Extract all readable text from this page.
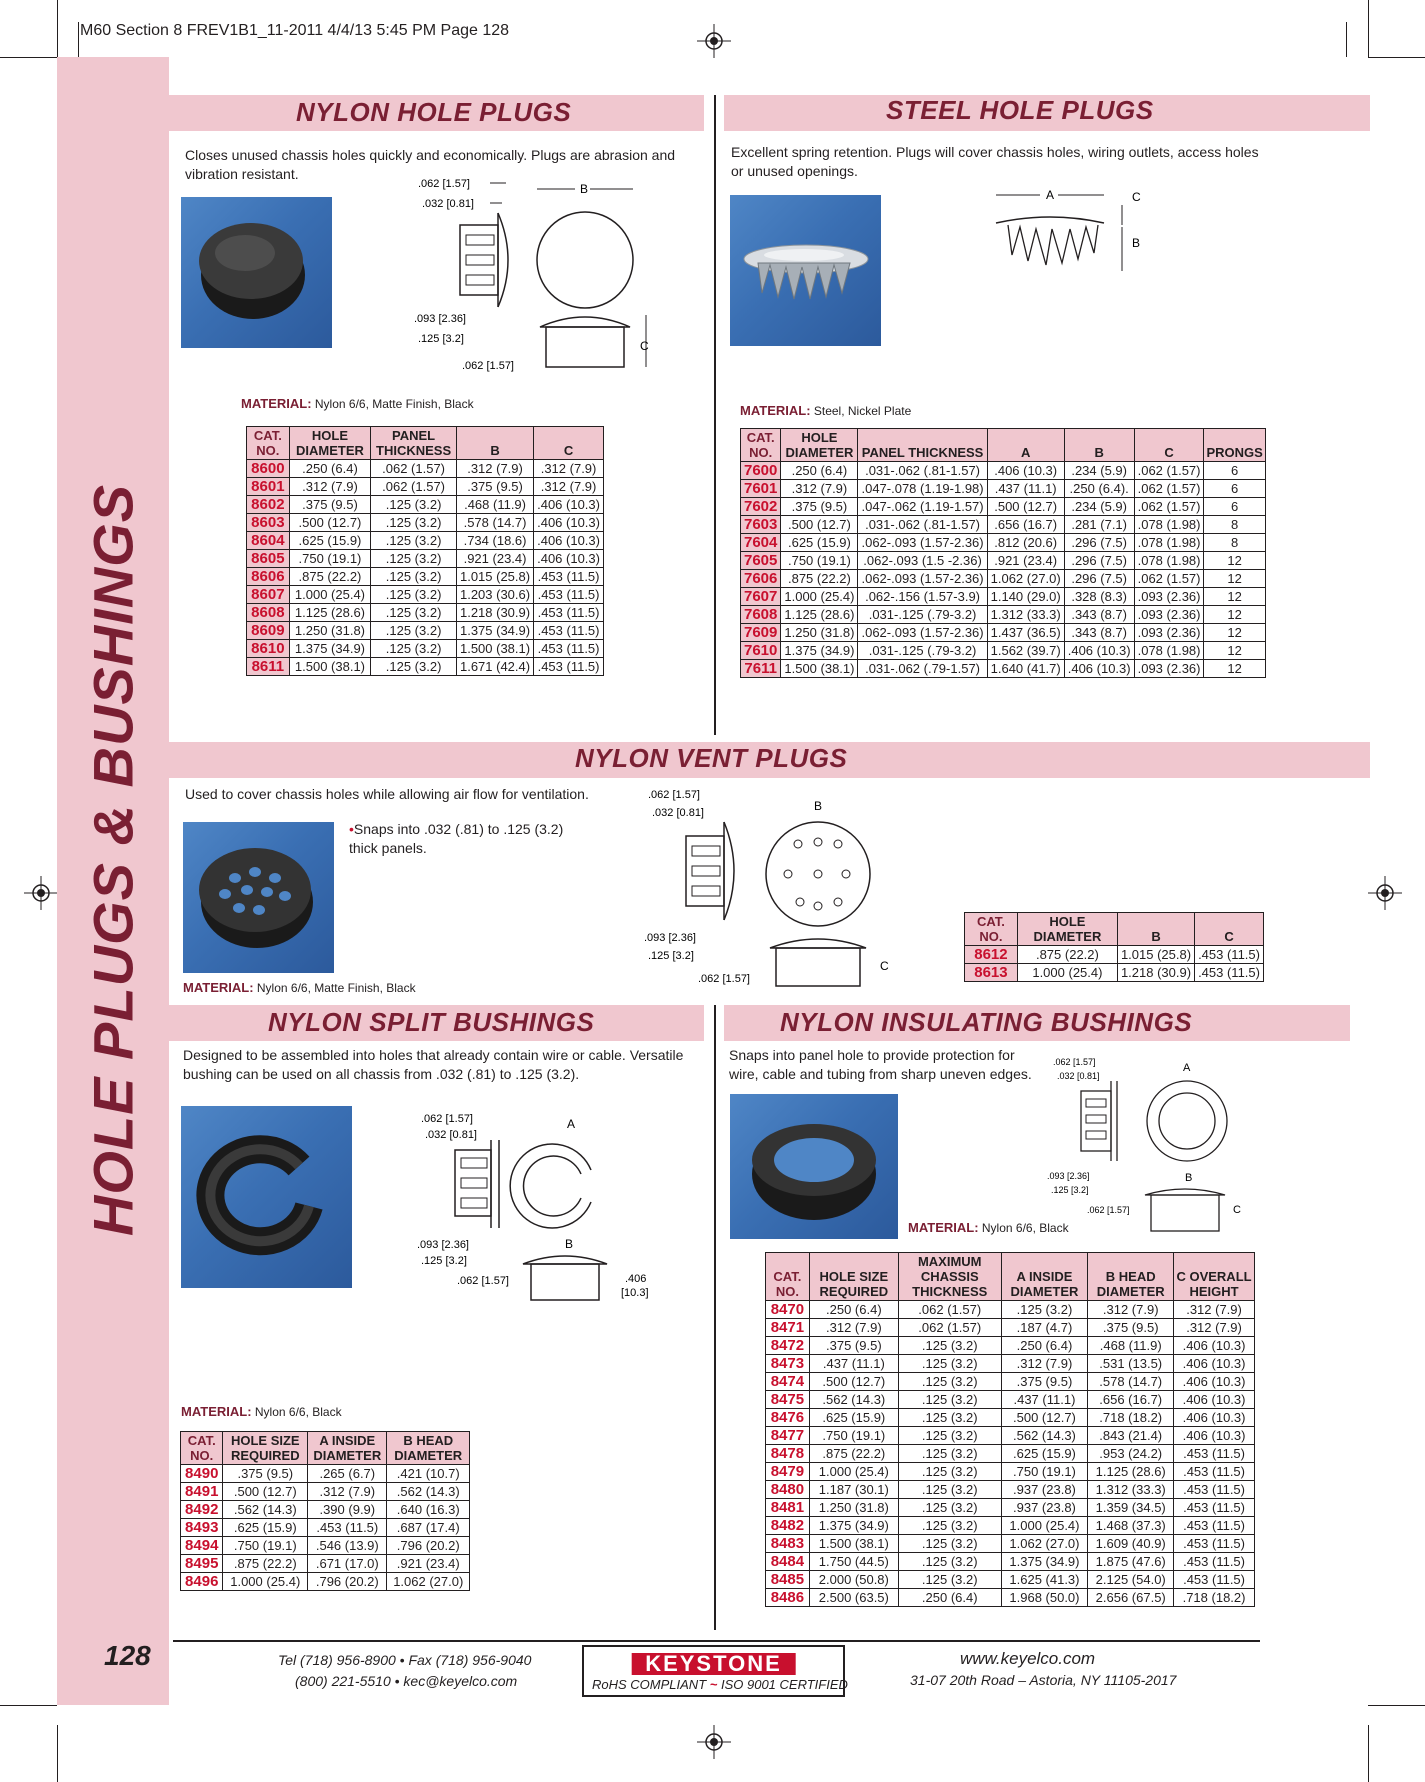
M60 Section 8 FREV1B1_11-2011 4/4/13 5:45 PM Page 128
HOLE PLUGS & BUSHINGS
NYLON HOLE PLUGS
Closes unused chassis holes quickly and economically. Plugs are abrasion and vibration resistant.
.062 [1.57]
.032 [0.81]
B
.093 [2.36]
.125 [3.2]
.062 [1.57]
C
MATERIAL: Nylon 6/6, Matte Finish, Black
CAT. NO.	HOLE DIAMETER	PANEL THICKNESS	B	C
8600	.250 (6.4)	.062 (1.57)	.312 (7.9)	.312 (7.9)
8601	.312 (7.9)	.062 (1.57)	.375 (9.5)	.312 (7.9)
8602	.375 (9.5)	.125 (3.2)	.468 (11.9)	.406 (10.3)
8603	.500 (12.7)	.125 (3.2)	.578 (14.7)	.406 (10.3)
8604	.625 (15.9)	.125 (3.2)	.734 (18.6)	.406 (10.3)
8605	.750 (19.1)	.125 (3.2)	.921 (23.4)	.406 (10.3)
8606	.875 (22.2)	.125 (3.2)	1.015 (25.8)	.453 (11.5)
8607	1.000 (25.4)	.125 (3.2)	1.203 (30.6)	.453 (11.5)
8608	1.125 (28.6)	.125 (3.2)	1.218 (30.9)	.453 (11.5)
8609	1.250 (31.8)	.125 (3.2)	1.375 (34.9)	.453 (11.5)
8610	1.375 (34.9)	.125 (3.2)	1.500 (38.1)	.453 (11.5)
8611	1.500 (38.1)	.125 (3.2)	1.671 (42.4)	.453 (11.5)
STEEL HOLE PLUGS
Excellent spring retention. Plugs will cover chassis holes, wiring outlets, access holes or unused openings.
A	C
B
MATERIAL: Steel, Nickel Plate
CAT. NO.	HOLE DIAMETER	PANEL THICKNESS	A	B	C	PRONGS
7600	.250 (6.4)	.031-.062 (.81-1.57)	.406 (10.3)	.234 (5.9)	.062 (1.57)	6
7601	.312 (7.9)	.047-.078 (1.19-1.98)	.437 (11.1)	.250 (6.4).	.062 (1.57)	6
7602	.375 (9.5)	.047-.062 (1.19-1.57)	.500 (12.7)	.234 (5.9)	.062 (1.57)	6
7603	.500 (12.7)	.031-.062 (.81-1.57)	.656 (16.7)	.281 (7.1)	.078 (1.98)	8
7604	.625 (15.9)	.062-.093 (1.57-2.36)	.812 (20.6)	.296 (7.5)	.078 (1.98)	8
7605	.750 (19.1)	.062-.093 (1.5 -2.36)	.921 (23.4)	.296 (7.5)	.078 (1.98)	12
7606	.875 (22.2)	.062-.093 (1.57-2.36)	1.062 (27.0)	.296 (7.5)	.062 (1.57)	12
7607	1.000 (25.4)	.062-.156 (1.57-3.9)	1.140 (29.0)	.328 (8.3)	.093 (2.36)	12
7608	1.125 (28.6)	.031-.125 (.79-3.2)	1.312 (33.3)	.343 (8.7)	.093 (2.36)	12
7609	1.250 (31.8)	.062-.093 (1.57-2.36)	1.437 (36.5)	.343 (8.7)	.093 (2.36)	12
7610	1.375 (34.9)	.031-.125 (.79-3.2)	1.562 (39.7)	.406 (10.3)	.078 (1.98)	12
7611	1.500 (38.1)	.031-.062 (.79-1.57)	1.640 (41.7)	.406 (10.3)	.093 (2.36)	12
NYLON VENT PLUGS
Used to cover chassis holes while allowing air flow for ventilation.
•Snaps into .032 (.81) to .125 (3.2) thick panels.
MATERIAL: Nylon 6/6, Matte Finish, Black
.062 [1.57]
.032 [0.81]	B
.093 [2.36]
.125 [3.2]
.062 [1.57]
C
CAT. NO.	HOLE DIAMETER	B	C
8612	.875 (22.2)	1.015 (25.8)	.453 (11.5)
8613	1.000 (25.4)	1.218 (30.9)	.453 (11.5)
NYLON SPLIT BUSHINGS
Designed to be assembled into holes that already contain wire or cable. Versatile bushing can be used on all chassis from .032 (.81) to .125 (3.2).
.062 [1.57]
.032 [0.81]
A
.093 [2.36]
.125 [3.2]
.062 [1.57]
B
.406
[10.3]
MATERIAL: Nylon 6/6, Black
CAT. NO.	HOLE SIZE REQUIRED	A INSIDE DIAMETER	B HEAD DIAMETER
8490	.375 (9.5)	.265 (6.7)	.421 (10.7)
8491	.500 (12.7)	.312 (7.9)	.562 (14.3)
8492	.562 (14.3)	.390 (9.9)	.640 (16.3)
8493	.625 (15.9)	.453 (11.5)	.687 (17.4)
8494	.750 (19.1)	.546 (13.9)	.796 (20.2)
8495	.875 (22.2)	.671 (17.0)	.921 (23.4)
8496	1.000 (25.4)	.796 (20.2)	1.062 (27.0)
NYLON INSULATING BUSHINGS
Snaps into panel hole to provide protection for wire, cable and tubing from sharp uneven edges.
.062 [1.57]
.032 [0.81]
A
.093 [2.36]
.125 [3.2]
.062 [1.57]
B
C
MATERIAL: Nylon 6/6, Black
CAT. NO.	HOLE SIZE REQUIRED	MAXIMUM CHASSIS THICKNESS	A INSIDE DIAMETER	B HEAD DIAMETER	C OVERALL HEIGHT
8470	.250 (6.4)	.062 (1.57)	.125 (3.2)	.312 (7.9)	.312 (7.9)
8471	.312 (7.9)	.062 (1.57)	.187 (4.7)	.375 (9.5)	.312 (7.9)
8472	.375 (9.5)	.125 (3.2)	.250 (6.4)	.468 (11.9)	.406 (10.3)
8473	.437 (11.1)	.125 (3.2)	.312 (7.9)	.531 (13.5)	.406 (10.3)
8474	.500 (12.7)	.125 (3.2)	.375 (9.5)	.578 (14.7)	.406 (10.3)
8475	.562 (14.3)	.125 (3.2)	.437 (11.1)	.656 (16.7)	.406 (10.3)
8476	.625 (15.9)	.125 (3.2)	.500 (12.7)	.718 (18.2)	.406 (10.3)
8477	.750 (19.1)	.125 (3.2)	.562 (14.3)	.843 (21.4)	.406 (10.3)
8478	.875 (22.2)	.125 (3.2)	.625 (15.9)	.953 (24.2)	.453 (11.5)
8479	1.000 (25.4)	.125 (3.2)	.750 (19.1)	1.125 (28.6)	.453 (11.5)
8480	1.187 (30.1)	.125 (3.2)	.937 (23.8)	1.312 (33.3)	.453 (11.5)
8481	1.250 (31.8)	.125 (3.2)	.937 (23.8)	1.359 (34.5)	.453 (11.5)
8482	1.375 (34.9)	.125 (3.2)	1.000 (25.4)	1.468 (37.3)	.453 (11.5)
8483	1.500 (38.1)	.125 (3.2)	1.062 (27.0)	1.609 (40.9)	.453 (11.5)
8484	1.750 (44.5)	.125 (3.2)	1.375 (34.9)	1.875 (47.6)	.453 (11.5)
8485	2.000 (50.8)	.125 (3.2)	1.625 (41.3)	2.125 (54.0)	.453 (11.5)
8486	2.500 (63.5)	.250 (6.4)	1.968 (50.0)	2.656 (67.5)	.718 (18.2)
128	Tel (718) 956-8900 • Fax (718) 956-9040
(800) 221-5510 • kec@keyelco.com
KEYSTONE
RoHS COMPLIANT ~ ISO 9001 CERTIFIED
www.keyelco.com
31-07 20th Road – Astoria, NY 11105-2017
